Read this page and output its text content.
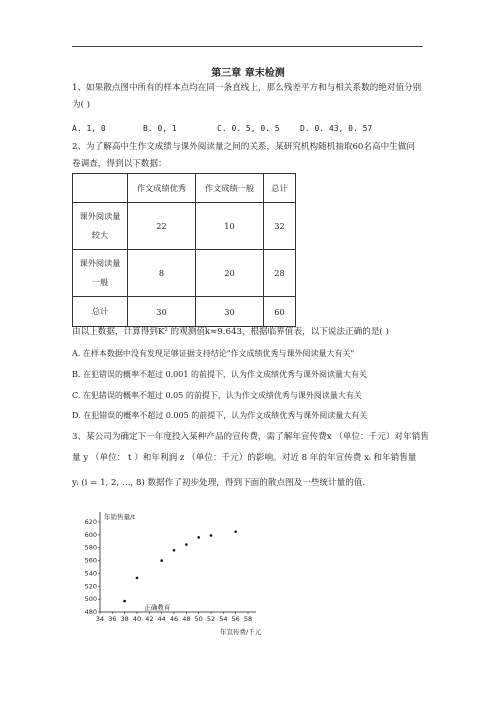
第三章 章末检测
1、如果散点图中所有的样本点均在同一条直线上，那么残差平方和与相关系数的绝对值分别
为( )
A. 1, 0	B. 0, 1	C. 0. 5, 0. 5	D. 0. 43, 0. 57
2、为了解高中生作文成绩与课外阅读量之间的关系，某研究机构随机抽取60名高中生做问
卷调查，得到以下数据：
	作文成绩优秀	作文成绩一般	总计

课外阅读量
较大	22	10	32

课外阅读量
一般	8	20	28
总计	30	30	60
由以上数据，计算得到K² 的观测值k≈9.643，根据临界值表，以下说法正确的是( )
A. 在样本数据中没有发现足够证据支持结论"作文成绩优秀与课外阅读量大有关"
B. 在犯错误的概率不超过 0.001 的前提下，认为作文成绩优秀与课外阅读量大有关
C. 在犯错误的概率不超过 0.05 的前提下，认为作文成绩优秀与课外阅读量大有关
D. 在犯错误的概率不超过 0.005 的前提下，认为作文成绩优秀与课外阅读量大有关
3、某公司为确定下一年度投入某种产品的宣传费，需了解年宣传费x （单位：千元）对年销售
量 y （单位： t ）和年利润 z （单位：千元）的影响。对近 8 年的年宣传费 xᵢ 和年销售量
yᵢ (i = 1, 2, …, 8) 数据作了初步处理，得到下面的散点图及一些统计量的值.
年销售量/t
年宣传费/千元
34 36 38 40 42 44 46 48 50 52 54 56 58
480
500
520
540
560
580
600
620
正确教育
